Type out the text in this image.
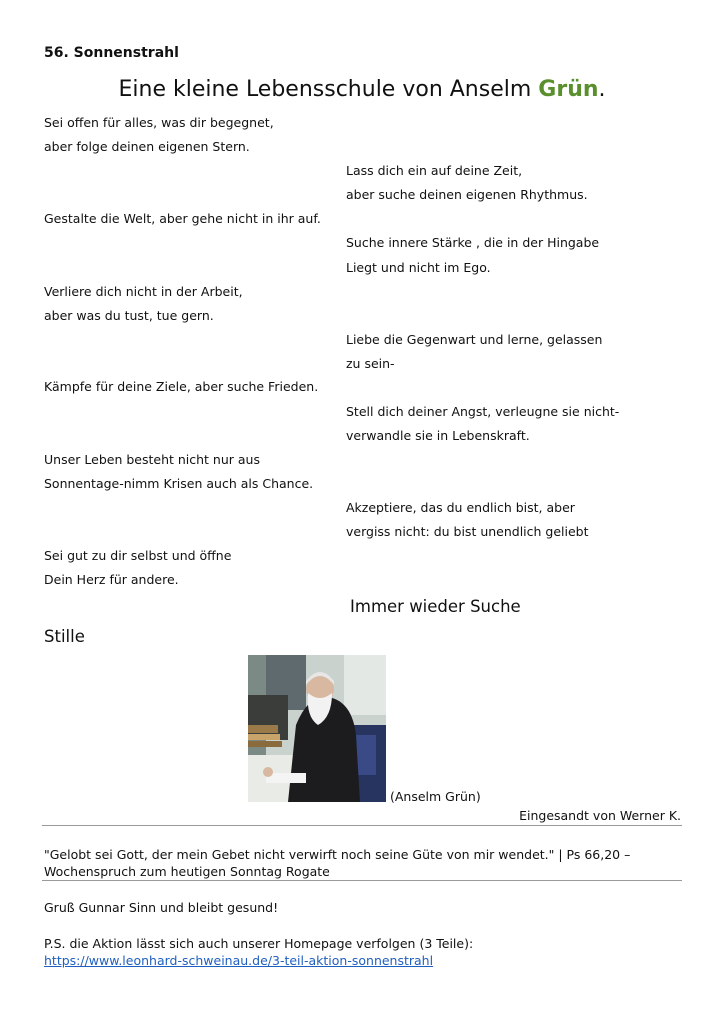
56. Sonnenstrahl
Eine kleine Lebensschule von Anselm Grün.
Sei offen für alles, was dir begegnet,
aber folge deinen eigenen Stern.
Gestalte die Welt, aber gehe nicht in ihr auf.
Verliere dich nicht in der Arbeit,
aber was du tust, tue gern.
Kämpfe für deine Ziele, aber suche Frieden.
Unser Leben besteht nicht nur aus
Sonnentage-nimm Krisen auch als Chance.
Sei gut zu dir selbst und öffne
Dein Herz für andere.
Lass dich ein auf deine Zeit,
aber suche deinen eigenen Rhythmus.
Suche innere Stärke , die in der Hingabe
Liegt und nicht im Ego.
Liebe die Gegenwart und lerne, gelassen
zu sein-
Stell dich deiner Angst, verleugne sie nicht-
verwandle sie in Lebenskraft.
Akzeptiere, das du endlich bist, aber
vergiss nicht: du bist unendlich geliebt
Immer wieder Suche
Stille
(Anselm Grün)
Eingesandt von Werner K.
"Gelobt sei Gott, der mein Gebet nicht verwirft noch seine Güte von mir wendet." | Ps 66,20 – Wochenspruch zum heutigen Sonntag Rogate
Gruß Gunnar Sinn und bleibt gesund!
P.S. die Aktion lässt sich auch unserer Homepage verfolgen (3 Teile):
https://www.leonhard-schweinau.de/3-teil-aktion-sonnenstrahl
